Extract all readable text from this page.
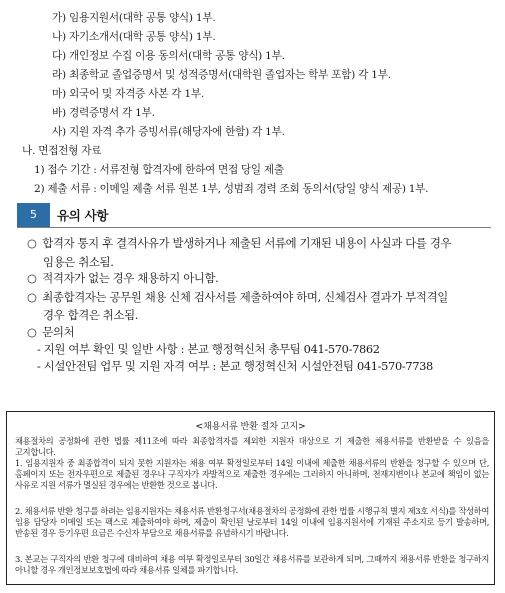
가) 임용지원서(대학 공통 양식) 1부.
나) 자기소개서(대학 공통 양식) 1부.
다) 개인정보 수집 이용 동의서(대학 공통 양식) 1부.
라) 최종학교 졸업증명서 및 성적증명서(대학원 졸업자는 학부 포함) 각 1부.
마) 외국어 및 자격증 사본 각 1부.
바) 경력증명서 각 1부.
사) 지원 자격 추가 증빙서류(해당자에 한함) 각 1부.
나. 면접전형 자료
1) 접수 기간 : 서류전형 합격자에 한하여 면접 당일 제출
2) 제출 서류 : 이메일 제출 서류 원본 1부, 성범죄 경력 조회 동의서(당일 양식 제공) 1부.
5	유의 사항
○ 합격자 통지 후 결격사유가 발생하거나 제출된 서류에 기재된 내용이 사실과 다를 경우
임용은 취소됨.
○ 적격자가 없는 경우 채용하지 아니함.
○ 최종합격자는 공무원 채용 신체 검사서를 제출하여야 하며, 신체검사 결과가 부적격일
경우 합격은 취소됨.
○ 문의처
- 지원 여부 확인 및 일반 사항 : 본교 행정혁신처 총무팀 041-570-7862
- 시설안전팀 업무 및 지원 자격 여부 : 본교 행정혁신처 시설안전팀 041-570-7738
<채용서류 반환 절차 고지>
채용절차의 공정화에 관한 법률 제11조에 따라 최종합격자를 제외한 지원자 대상으로 기 제출한 채용서류를 반환받을 수 있음을 고지합니다.
1. 임용지원자 중 최종합격이 되지 못한 지원자는 채용 여부 확정일로부터 14일 이내에 제출한 채용서류의 반환을 청구할 수 있으며 단, 홈페이지 또는 전자우편으로 제출된 경우나 구직자가 자발적으로 제출한 경우에는 그러하지 아니하며, 천재지변이나 본교에 책임이 없는 사유로 지원 서류가 멸실된 경우에는 반환한 것으로 봅니다.
2. 채용서류 반환 청구를 하려는 임용지원자는 채용서류 반환청구서(채용절차의 공정화에 관한 법률 시행규칙 별지 제3호 서식)를 작성하여 임용 담당자 이메일 또는 팩스로 제출하여야 하며, 제출이 확인된 날로부터 14일 이내에 임용지원서에 기재된 주소지로 등기 발송하며, 반송된 경우 등기우편 요금은 수신자 부담으로 채용서류를 유념하시기 바랍니다.
3. 본교는 구직자의 반환 청구에 대비하여 채용 여부 확정일로부터 30일간 채용서류를 보관하게 되며, 그때까지 채용서류 반환을 청구하지 아니할 경우 개인정보보호법에 따라 채용서류 일체를 파기합니다.
